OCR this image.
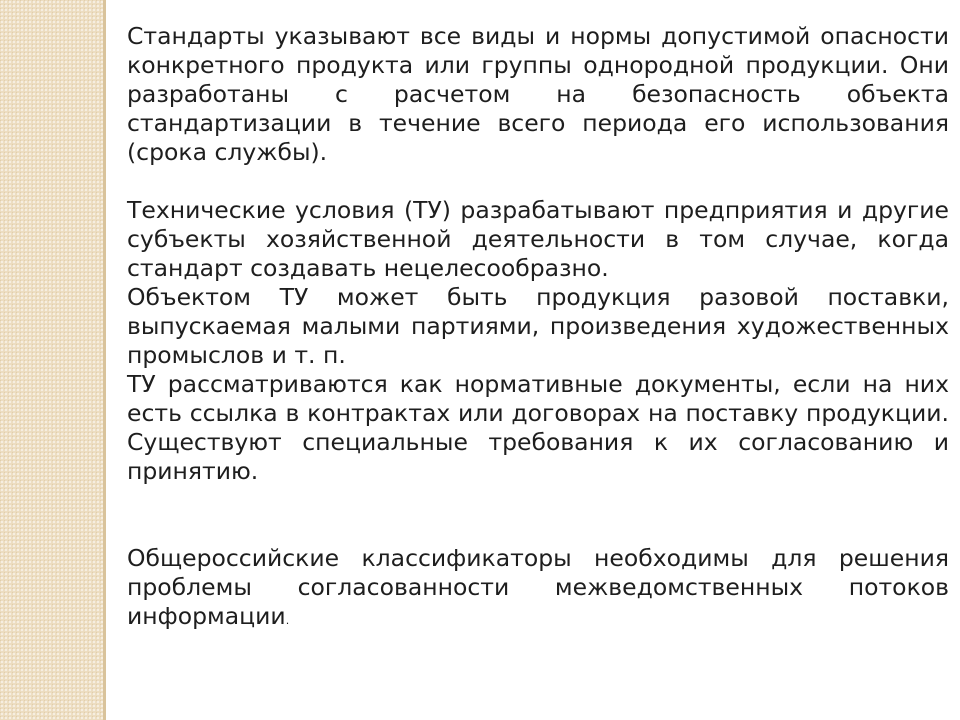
Стандарты указывают все виды и нормы допустимой опасности конкретного продукта или группы однородной продукции. Они разработаны с расчетом на безопасность объекта стандартизации в течение всего периода его использования (срока службы).

Технические условия (ТУ) разрабатывают предприятия и другие субъекты хозяйственной деятельности в том случае, когда стандарт создавать нецелесообразно.

Объектом ТУ может быть продукция разовой поставки, выпускаемая малыми партиями, произведения художественных промыслов и т. п.

ТУ рассматриваются как нормативные документы, если на них есть ссылка в контрактах или договорах на поставку продукции. Существуют специальные требования к их согласованию и принятию.

Общероссийские классификаторы необходимы для решения проблемы согласованности межведомственных потоков информации.
